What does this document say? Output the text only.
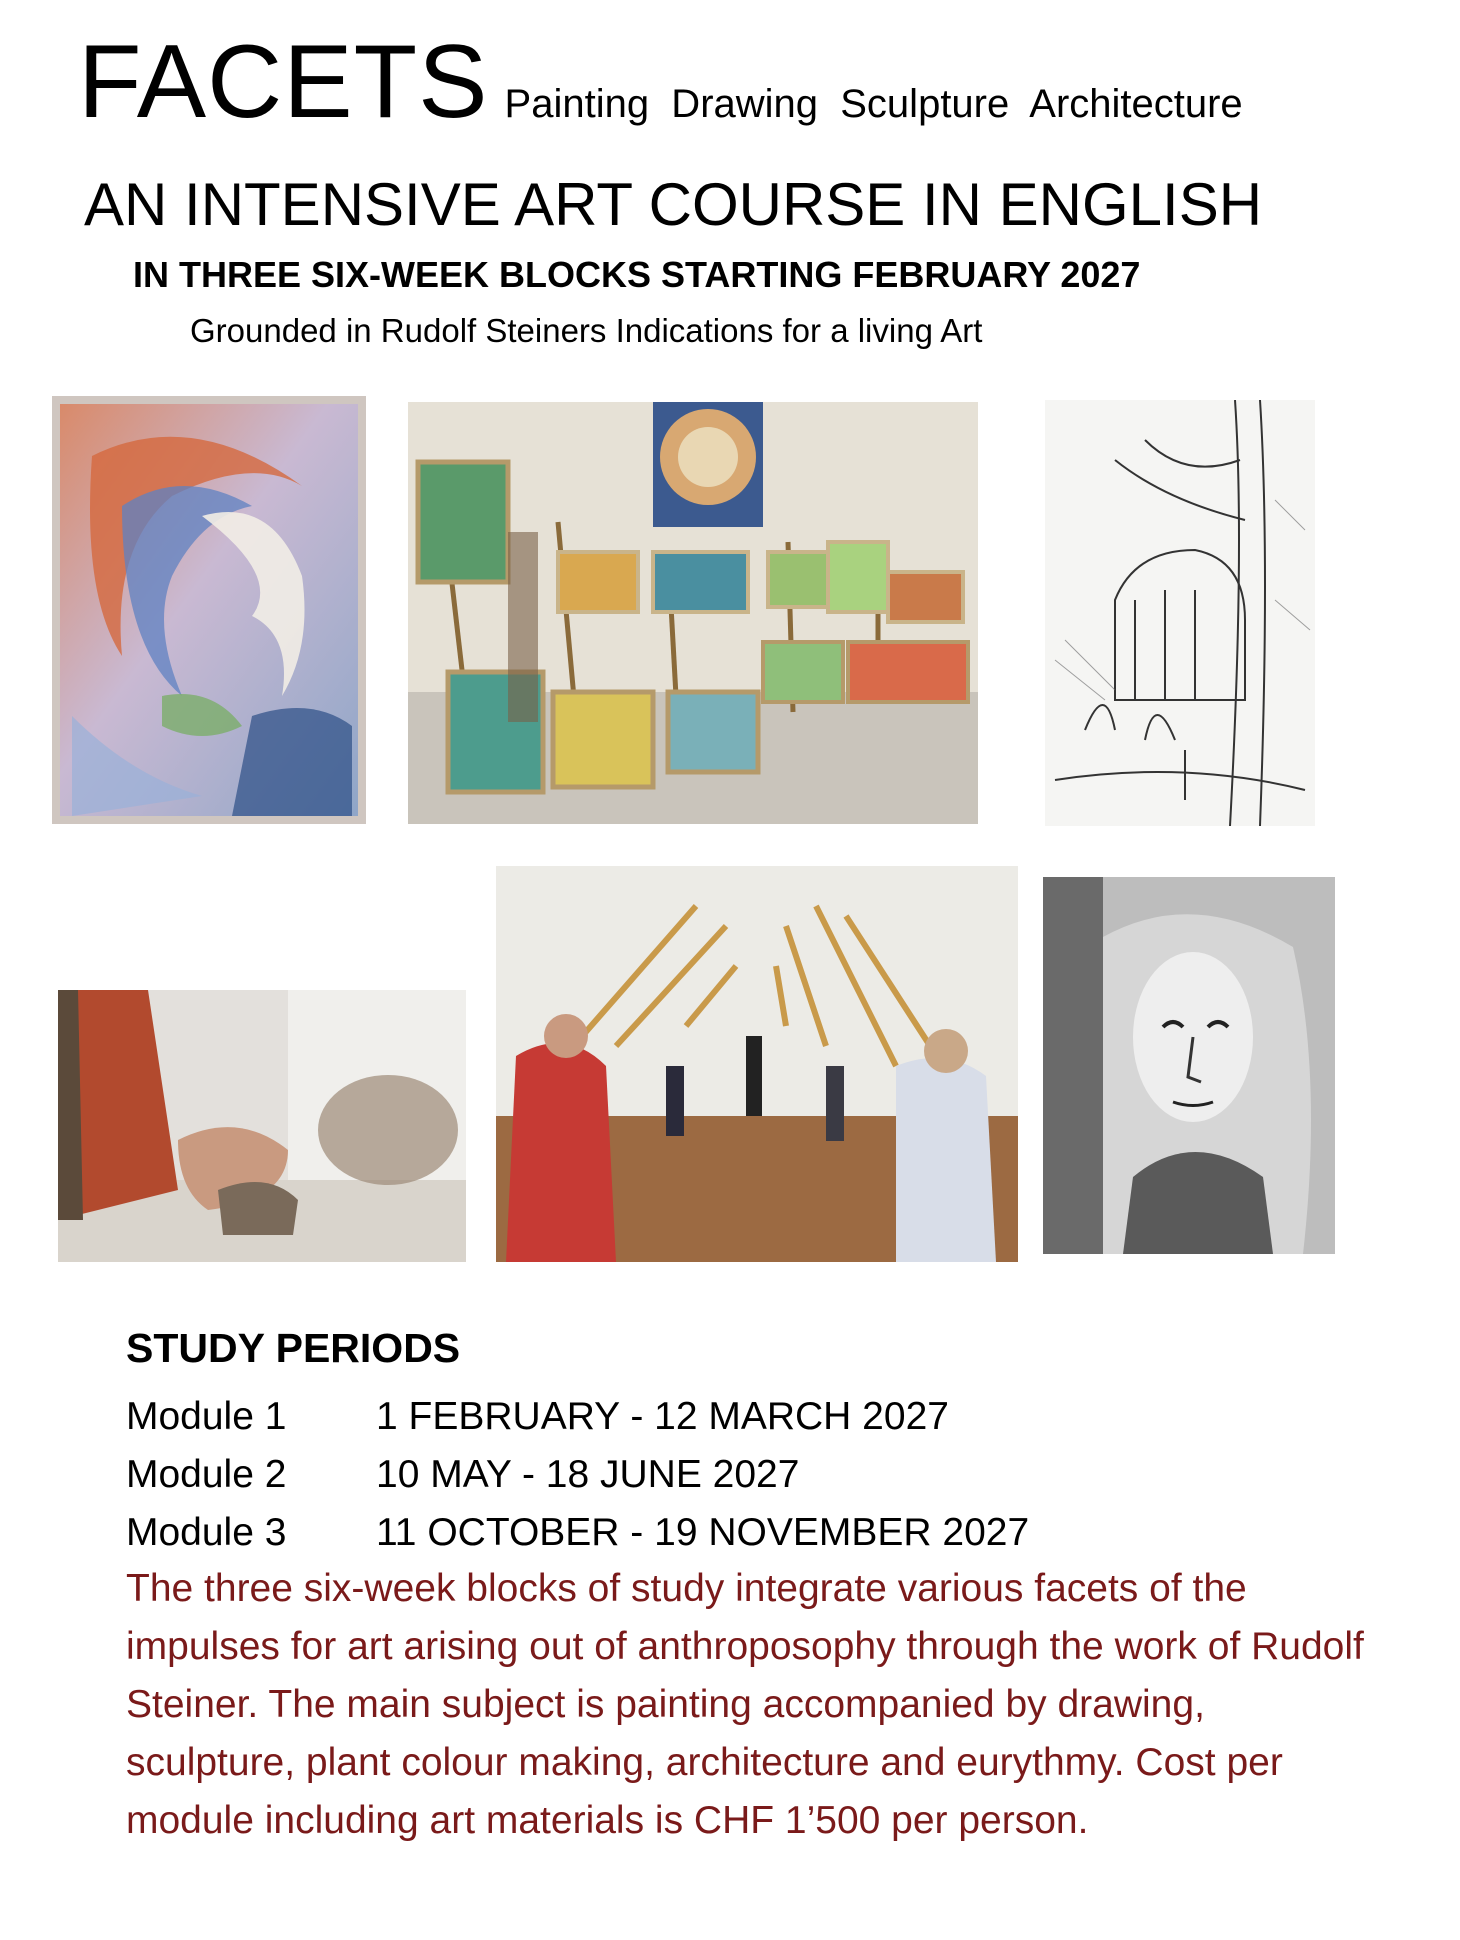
FACETS Painting  Drawing  Sculpture  Architecture
AN INTENSIVE ART COURSE IN ENGLISH
IN THREE SIX-WEEK BLOCKS STARTING FEBRUARY 2027
Grounded in Rudolf Steiners Indications for a living Art
STUDY PERIODS
Module 1	1 FEBRUARY - 12 MARCH 2027
Module 2	10 MAY - 18 JUNE 2027
Module 3	11 OCTOBER - 19 NOVEMBER 2027
The three six-week blocks of study integrate various facets of the impulses for art arising out of anthroposophy through the work of Rudolf Steiner. The main subject is painting accompanied by drawing, sculpture, plant colour making, architecture and eurythmy. Cost per module including art materials is CHF 1’500 per person.
